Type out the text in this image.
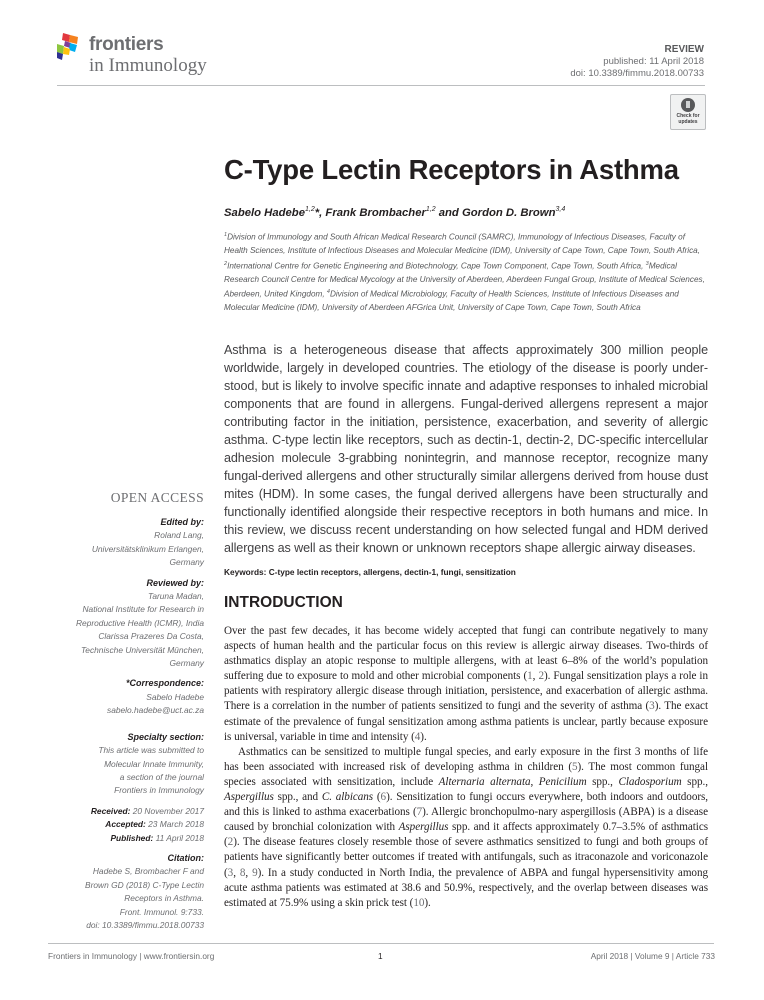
frontiers
in Immunology
REVIEW
published: 11 April 2018
doi: 10.3389/fimmu.2018.00733
Check for
updates
C-Type Lectin Receptors in Asthma
Sabelo Hadebe$^{1,2}$*, Frank Brombacher$^{1,2}$ and Gordon D. Brown$^{3,4}$
$^1$Division of Immunology and South African Medical Research Council (SAMRC), Immunology of Infectious Diseases, Faculty of Health Sciences, Institute of Infectious Diseases and Molecular Medicine (IDM), University of Cape Town, Cape Town, South Africa, $^2$International Centre for Genetic Engineering and Biotechnology, Cape Town Component, Cape Town, South Africa, $^3$Medical Research Council Centre for Medical Mycology at the University of Aberdeen, Aberdeen Fungal Group, Institute of Medical Sciences, Aberdeen, United Kingdom, $^4$Division of Medical Microbiology, Faculty of Health Sciences, Institute of Infectious Diseases and Molecular Medicine (IDM), University of Aberdeen AFGrica Unit, University of Cape Town, Cape Town, South Africa
Asthma is a heterogeneous disease that affects approximately 300 million people worldwide, largely in developed countries. The etiology of the disease is poorly under-stood, but is likely to involve specific innate and adaptive responses to inhaled microbial components that are found in allergens. Fungal-derived allergens represent a major contributing factor in the initiation, persistence, exacerbation, and severity of allergic asthma. C-type lectin like receptors, such as dectin-1, dectin-2, DC-specific intercellular adhesion molecule 3-grabbing nonintegrin, and mannose receptor, recognize many fungal-derived allergens and other structurally similar allergens derived from house dust mites (HDM). In some cases, the fungal derived allergens have been structurally and functionally identified alongside their respective receptors in both humans and mice. In this review, we discuss recent understanding on how selected fungal and HDM derived allergens as well as their known or unknown receptors shape allergic airway diseases.
Keywords: C-type lectin receptors, allergens, dectin-1, fungi, sensitization
OPEN ACCESS
Edited by:
Roland Lang,
Universitätsklinikum Erlangen,
Germany
Reviewed by:
Taruna Madan,
National Institute for Research in
Reproductive Health (ICMR), India
Clarissa Prazeres Da Costa,
Technische Universität München,
Germany
*Correspondence:
Sabelo Hadebe
sabelo.hadebe@uct.ac.za
Specialty section:
This article was submitted to
Molecular Innate Immunity,
a section of the journal
Frontiers in Immunology
Received: 20 November 2017
Accepted: 23 March 2018
Published: 11 April 2018
Citation:
Hadebe S, Brombacher F and
Brown GD (2018) C-Type Lectin
Receptors in Asthma.
Front. Immunol. 9:733.
doi: 10.3389/fimmu.2018.00733
INTRODUCTION

Over the past few decades, it has become widely accepted that fungi can contribute negatively to many aspects of human health and the particular focus on this review is allergic airway diseases. Two-thirds of asthmatics display an atopic response to multiple allergens, with at least 6–8% of the world’s population suffering due to exposure to mold and other microbial components (1, 2). Fungal sensitization plays a role in patients with respiratory allergic disease through initiation, persistence, and exacerbation of allergic asthma. There is a correlation in the number of patients sensitized to fungi and the severity of asthma (3). The exact estimate of the prevalence of fungal sensitization among asthma patients is unclear, partly because exposure is universal, variable in time and intensity (4).

Asthmatics can be sensitized to multiple fungal species, and early exposure in the first 3 months of life has been associated with increased risk of developing asthma in children (5). The most common fungal species associated with sensitization, include Alternaria alternata, Penicilium spp., Cladosporium spp., Aspergillus spp., and C. albicans (6). Sensitization to fungi occurs everywhere, both indoors and outdoors, and this is linked to asthma exacerbations (7). Allergic bronchopulmo-nary aspergillosis (ABPA) is a disease caused by bronchial colonization with Aspergillus spp. and it affects approximately 0.7–3.5% of asthmatics (2). The disease features closely resemble those of severe asthmatics sensitized to fungi and both groups of patients have significantly better outcomes if treated with antifungals, such as itraconazole and voriconazole (3, 8, 9). In a study conducted in North India, the prevalence of ABPA and fungal hypersensitivity among acute asthma patients was estimated at 38.6 and 50.9%, respectively, and the overlap between diseases was estimated at 75.9% using a skin prick test (10).

Frontiers in Immunology | www.frontiersin.org	1	April 2018 | Volume 9 | Article 733
